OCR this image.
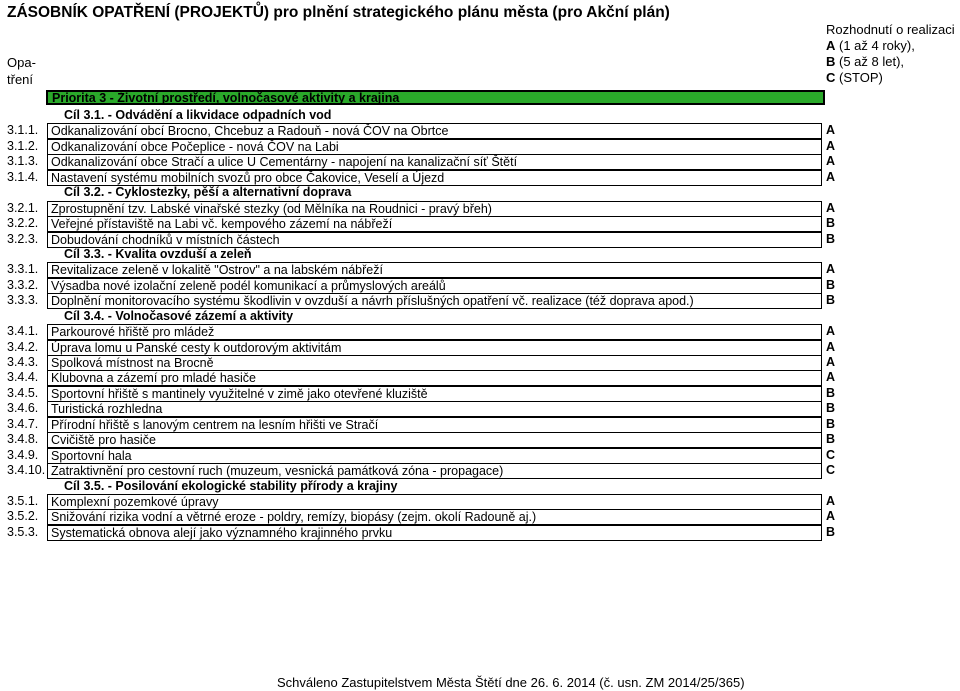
ZÁSOBNÍK OPATŘENÍ (PROJEKTŮ) pro plnění strategického plánu města (pro Akční plán)
Rozhodnutí o realizaci
A (1 až 4 roky),
B (5 až 8 let),
C (STOP)
Opa-
tření
Priorita 3 - Životní prostředí, volnočasové aktivity a krajina
Cíl 3.1. - Odvádění a likvidace odpadních vod
3.1.1.	Odkanalizování obcí Brocno, Chcebuz a Radouň - nová ČOV na Obrtce	A
3.1.2.	Odkanalizování obce Počeplice - nová ČOV na Labi	A
3.1.3.	Odkanalizování obce Stračí a ulice U Cementárny - napojení na kanalizační síť Štětí	A
3.1.4.	Nastavení systému mobilních svozů pro obce Čakovice, Veselí a Újezd	A
Cíl 3.2. - Cyklostezky, pěší a alternativní doprava
3.2.1.	Zprostupnění tzv. Labské vinařské stezky (od Mělníka na Roudnici - pravý břeh)	A
3.2.2.	Veřejné přístaviště na Labi vč. kempového zázemí na nábřeží	B
3.2.3.	Dobudování chodníků v místních částech	B
Cíl 3.3. - Kvalita ovzduší a zeleň
3.3.1.	Revitalizace zeleně v lokalitě "Ostrov" a na labském nábřeží	A
3.3.2.	Výsadba nové izolační zeleně podél komunikací a průmyslových areálů	B
3.3.3.	Doplnění monitorovacího systému škodlivin v ovzduší a návrh příslušných opatření vč. realizace (též doprava apod.)	B
Cíl 3.4. - Volnočasové zázemí a aktivity
3.4.1.	Parkourové hřiště pro mládež	A
3.4.2.	Úprava lomu u Panské cesty k outdorovým aktivitám	A
3.4.3.	Spolková místnost na Brocně	A
3.4.4.	Klubovna a zázemí pro mladé hasiče	A
3.4.5.	Sportovní hřiště s mantinely využitelné v zimě jako otevřené kluziště	B
3.4.6.	Turistická rozhledna	B
3.4.7.	Přírodní hřiště s lanovým centrem na lesním hřišti ve Stračí	B
3.4.8.	Cvičiště pro hasiče	B
3.4.9.	Sportovní hala	C
3.4.10. Zatraktivnění pro cestovní ruch (muzeum, vesnická památková zóna - propagace)	C
Cíl 3.5. - Posilování ekologické stability přírody a krajiny
3.5.1.	Komplexní pozemkové úpravy	A
3.5.2.	Snižování rizika vodní a větrné eroze - poldry, remízy, biopásy (zejm. okolí Radouně aj.)	A
3.5.3.	Systematická obnova alejí jako významného krajinného prvku	B
Schváleno Zastupitelstvem Města Štětí dne 26. 6. 2014 (č. usn. ZM 2014/25/365)
